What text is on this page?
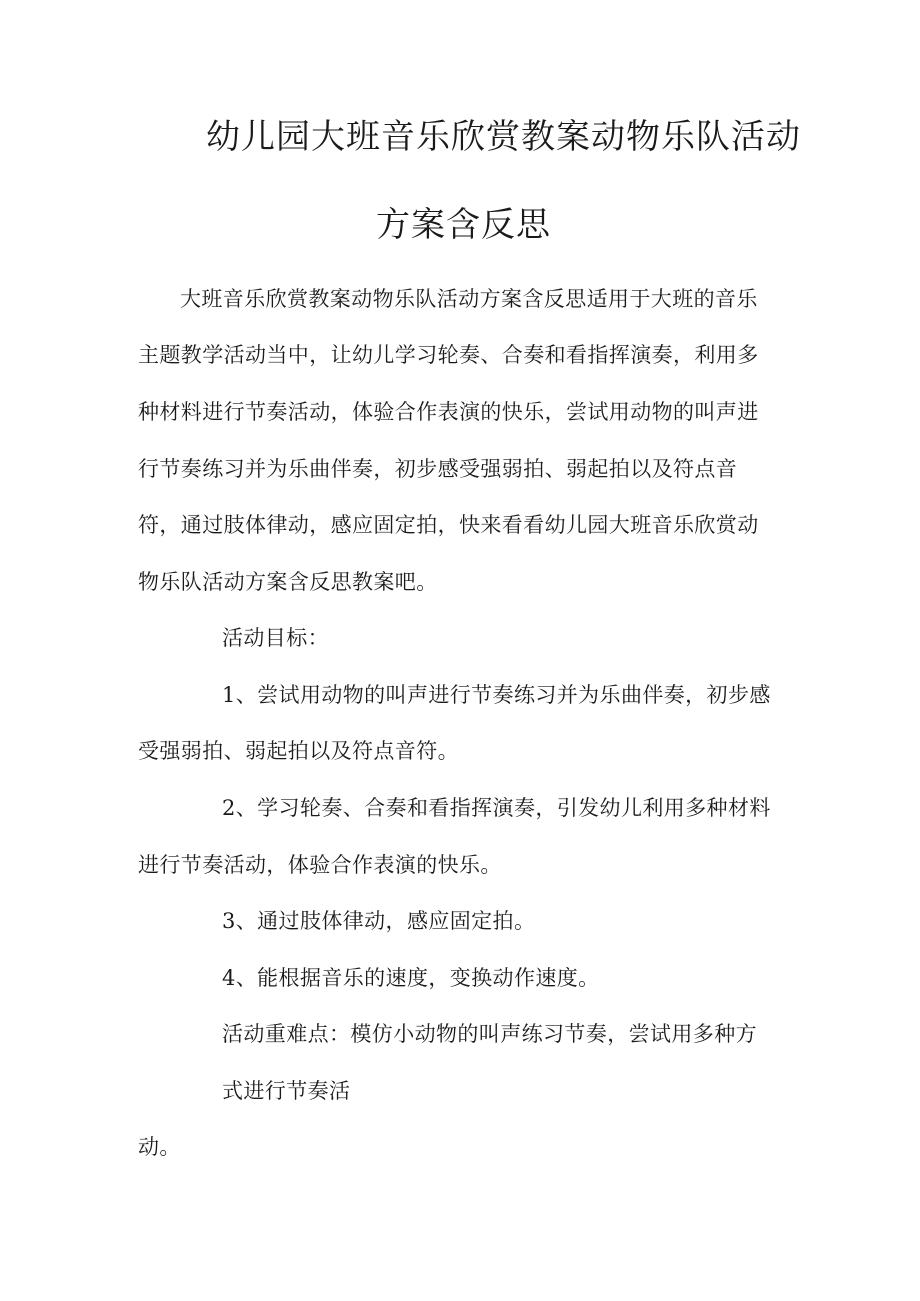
幼儿园大班音乐欣赏教案动物乐队活动
方案含反思
大班音乐欣赏教案动物乐队活动方案含反思适用于大班的音乐
主题教学活动当中，让幼儿学习轮奏、合奏和看指挥演奏，利用多
种材料进行节奏活动，体验合作表演的快乐，尝试用动物的叫声进
行节奏练习并为乐曲伴奏，初步感受强弱拍、弱起拍以及符点音
符，通过肢体律动，感应固定拍，快来看看幼儿园大班音乐欣赏动
物乐队活动方案含反思教案吧。
活动目标：
1、尝试用动物的叫声进行节奏练习并为乐曲伴奏，初步感
受强弱拍、弱起拍以及符点音符。
2、学习轮奏、合奏和看指挥演奏，引发幼儿利用多种材料
进行节奏活动，体验合作表演的快乐。
3、通过肢体律动，感应固定拍。
4、能根据音乐的速度，变换动作速度。
活动重难点：模仿小动物的叫声练习节奏，尝试用多种方
式进行节奏活
动。
